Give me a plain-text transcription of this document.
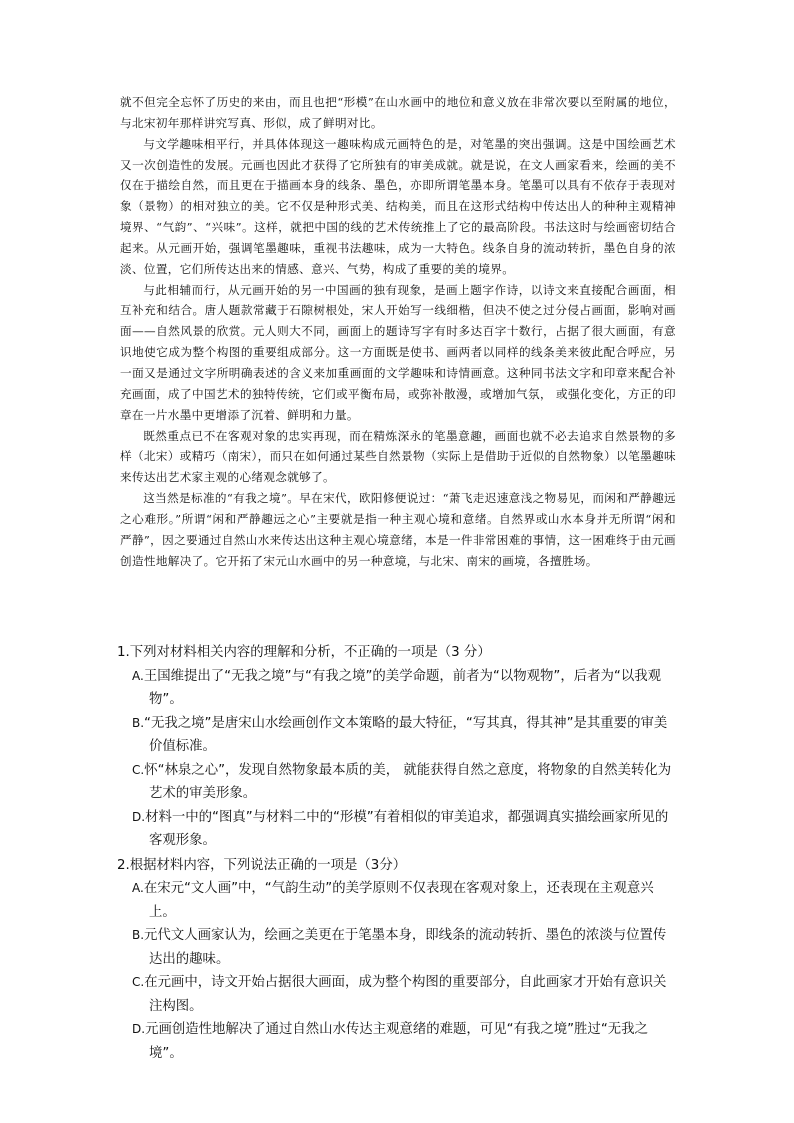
就不但完全忘怀了历史的来由，而且也把“形模”在山水画中的地位和意义放在非常次要以至附属的地位，与北宋初年那样讲究写真、形似，成了鲜明对比。

与文学趣味相平行，并具体体现这一趣味构成元画特色的是，对笔墨的突出强调。这是中国绘画艺术又一次创造性的发展。元画也因此才获得了它所独有的审美成就。就是说，在文人画家看来，绘画的美不仅在于描绘自然，而且更在于描画本身的线条、墨色，亦即所谓笔墨本身。笔墨可以具有不依存于表现对象（景物）的相对独立的美。它不仅是种形式美、结构美，而且在这形式结构中传达出人的种种主观精神境界、“气韵”、“兴味”。这样，就把中国的线的艺术传统推上了它的最高阶段。书法这时与绘画密切结合起来。从元画开始，强调笔墨趣味，重视书法趣味，成为一大特色。线条自身的流动转折，墨色自身的浓淡、位置，它们所传达出来的情感、意兴、气势，构成了重要的美的境界。

与此相辅而行，从元画开始的另一中国画的独有现象，是画上题字作诗，以诗文来直接配合画面，相互补充和结合。唐人题款常藏于石隙树根处，宋人开始写一线细楷，但决不使之过分侵占画面，影响对画面——自然风景的欣赏。元人则大不同，画面上的题诗写字有时多达百字十数行，占据了很大画面，有意识地使它成为整个构图的重要组成部分。这一方面既是使书、画两者以同样的线条美来彼此配合呼应，另一面又是通过文字所明确表述的含义来加重画面的文学趣味和诗情画意。这种同书法文字和印章来配合补充画面，成了中国艺术的独特传统，它们或平衡布局，或弥补散漫，或增加气氛， 或强化变化，方正的印章在一片水墨中更增添了沉着、鲜明和力量。

既然重点已不在客观对象的忠实再现，而在精炼深永的笔墨意趣，画面也就不必去追求自然景物的多样（北宋）或精巧（南宋），而只在如何通过某些自然景物（实际上是借助于近似的自然物象）以笔墨趣味来传达出艺术家主观的心绪观念就够了。

这当然是标准的“有我之境”。早在宋代，欧阳修便说过：“萧飞走迟速意浅之物易见，而闲和严静趣远之心难形。”所谓“闲和严静趣远之心”主要就是指一种主观心境和意绪。自然界或山水本身并无所谓“闲和严静”，因之要通过自然山水来传达出这种主观心境意绪，本是一件非常困难的事情，这一困难终于由元画创造性地解决了。它开拓了宋元山水画中的另一种意境，与北宋、南宋的画境，各擅胜场。

1.下列对材料相关内容的理解和分析，不正确的一项是（3 分）

A.王国维提出了“无我之境”与“有我之境”的美学命题，前者为“以物观物”，后者为“以我观物”。

B.“无我之境”是唐宋山水绘画创作文本策略的最大特征，“写其真，得其神”是其重要的审美价值标准。

C.怀“林泉之心”，发现自然物象最本质的美， 就能获得自然之意度，将物象的自然美转化为艺术的审美形象。

D.材料一中的“图真”与材料二中的“形模”有着相似的审美追求，都强调真实描绘画家所见的客观形象。

2.根据材料内容，下列说法正确的一项是（3分）

A.在宋元“文人画”中，“气韵生动”的美学原则不仅表现在客观对象上，还表现在主观意兴上。

B.元代文人画家认为，绘画之美更在于笔墨本身，即线条的流动转折、墨色的浓淡与位置传达出的趣味。

C.在元画中，诗文开始占据很大画面，成为整个构图的重要部分，自此画家才开始有意识关注构图。

D.元画创造性地解决了通过自然山水传达主观意绪的难题，可见“有我之境”胜过“无我之境”。
